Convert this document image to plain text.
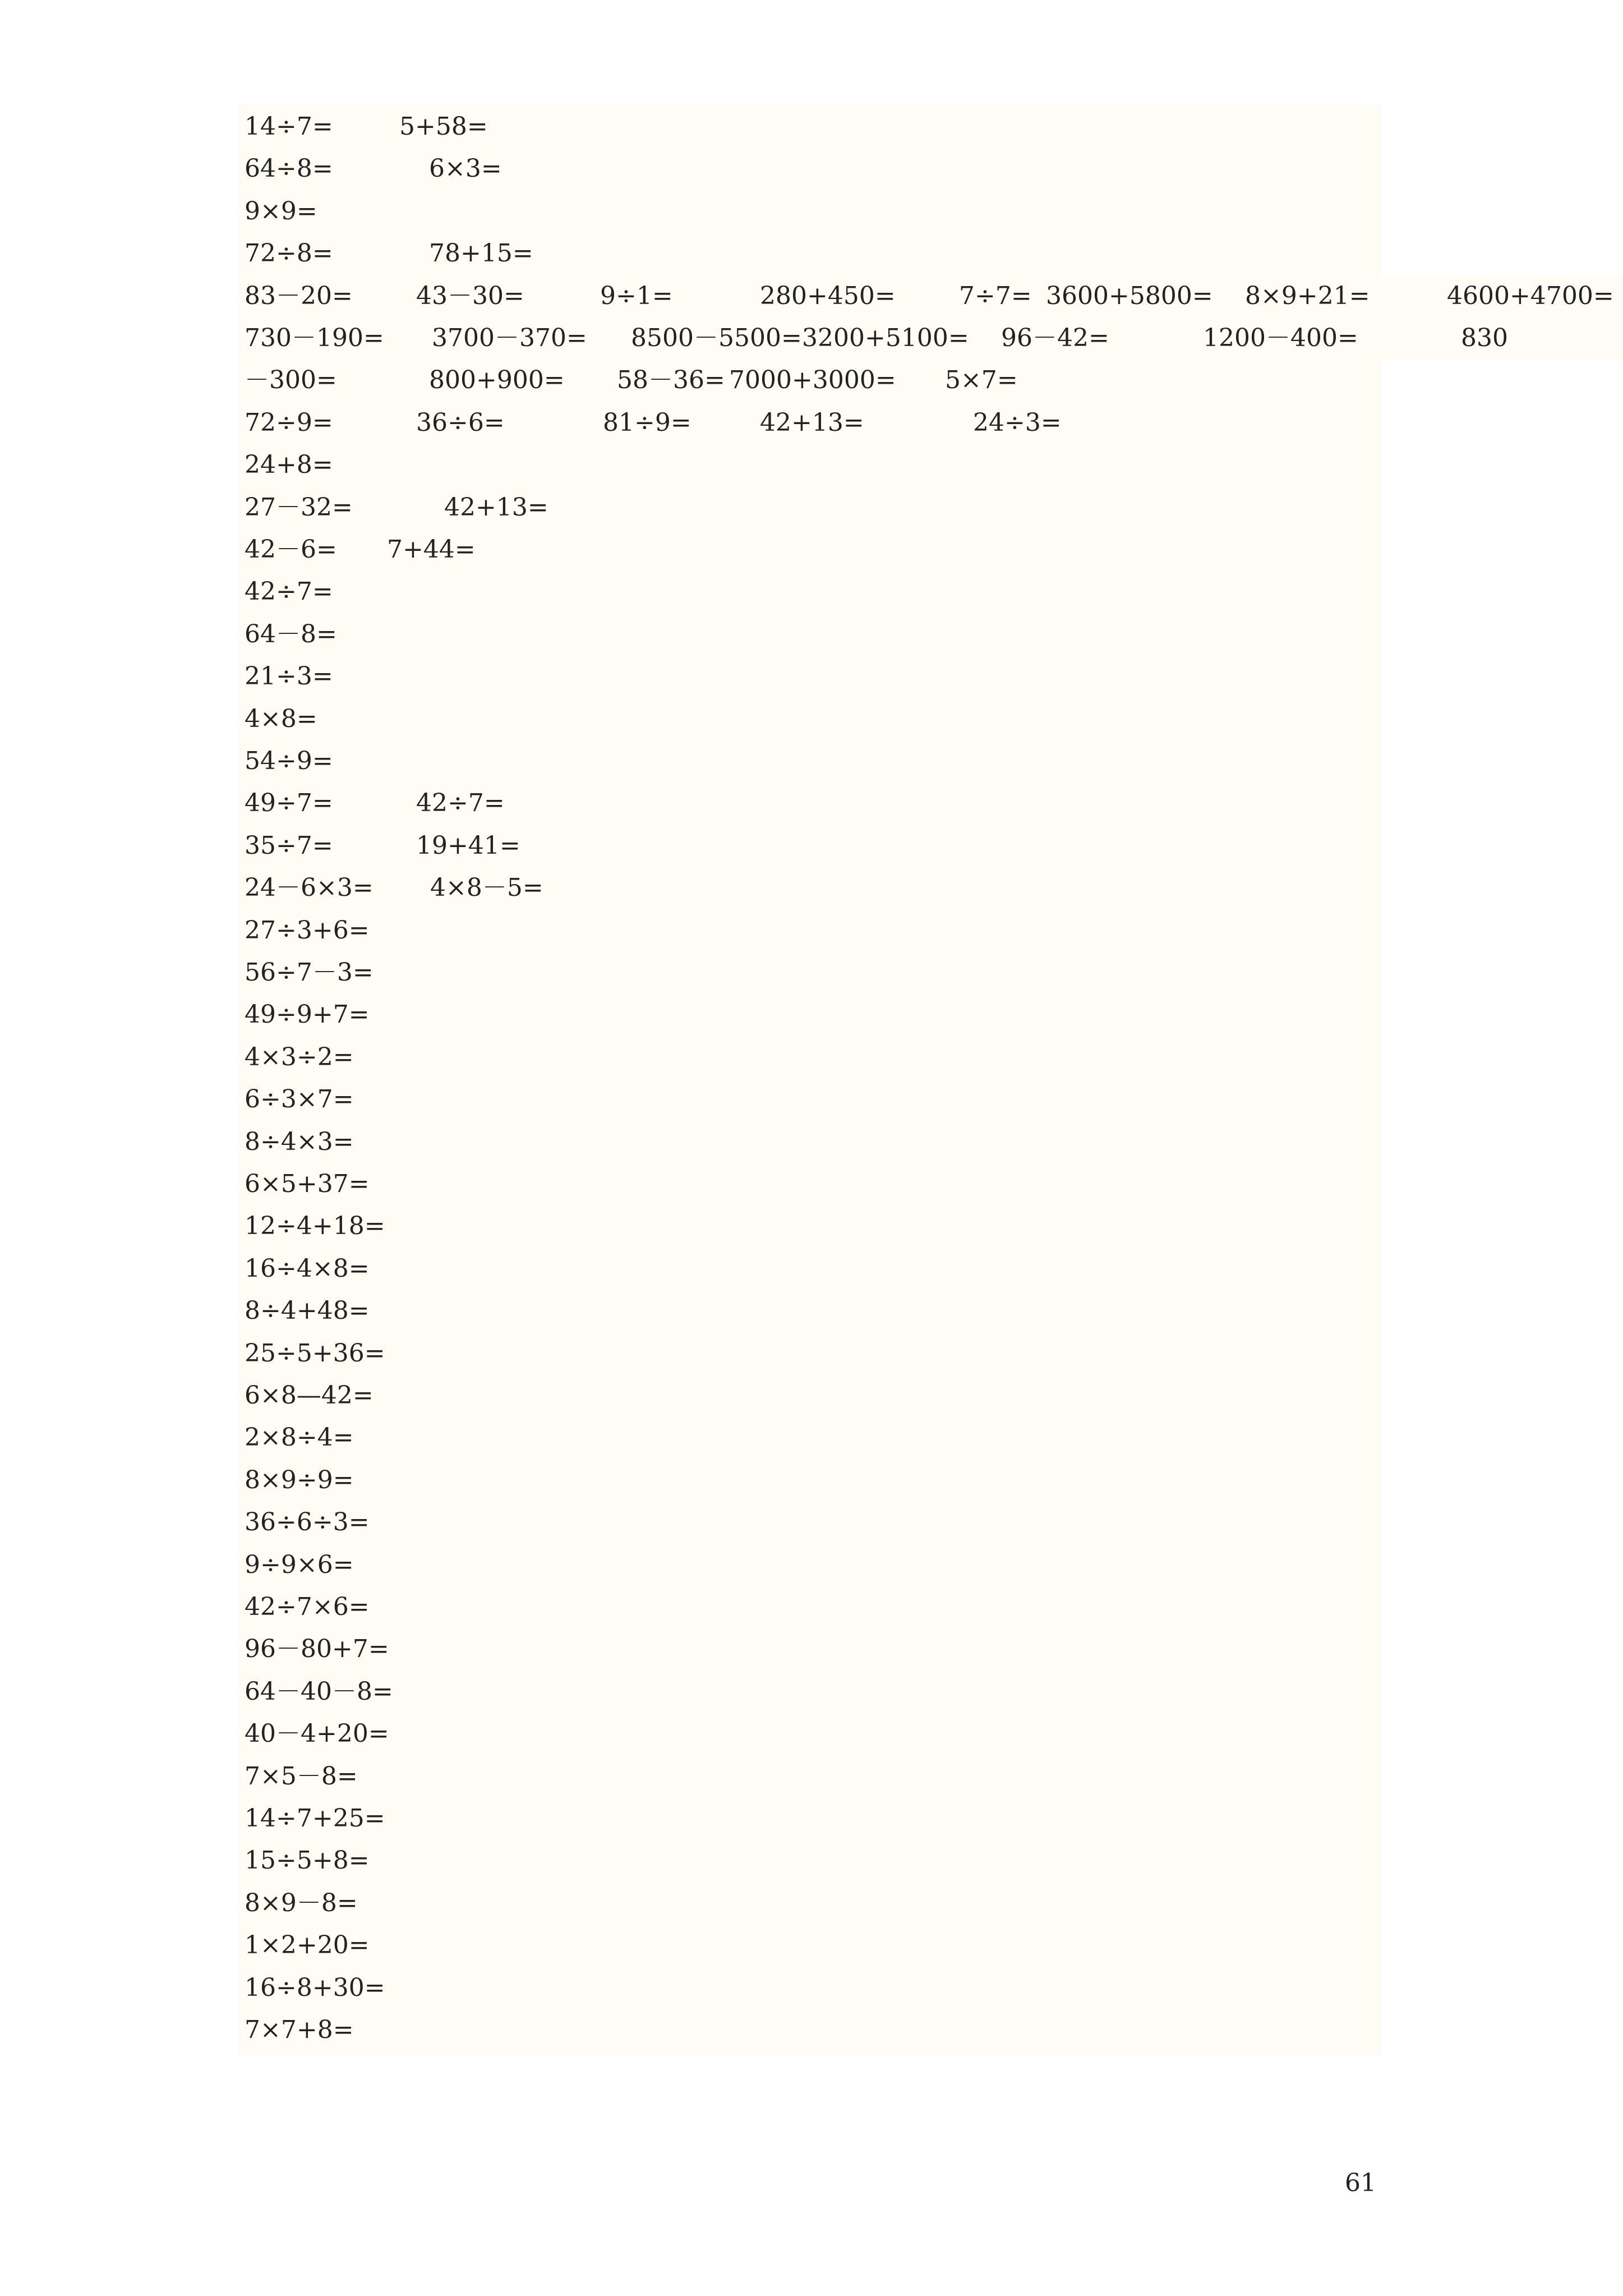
14÷7=	5+58=
64÷8=	6×3=
9×9=
72÷8=	78+15=
83－20=	43－30=	9÷1=	280+450=	7÷7= 3600+5800= 8×9+21=	4600+4700=
730－190= 3700－370= 8500－5500= 3200+5100= 96－42=	1200－400=	830
－300=	800+900= 58－36= 7000+3000= 5×7=
72÷9=	36÷6=	81÷9=	42+13=	24÷3=
24+8=
27－32=	42+13=
42－6= 7+44=
42÷7=
64－8=
21÷3=
4×8=
54÷9=
49÷7=	42÷7=
35÷7=	19+41=
24－6×3= 4×8－5=
27÷3+6=
56÷7－3=
49÷9+7=
4×3÷2=
6÷3×7=
8÷4×3=
6×5+37=
12÷4+18=
16÷4×8=
8÷4+48=
25÷5+36=
6×8—42=
2×8÷4=
8×9÷9=
36÷6÷3=
9÷9×6=
42÷7×6=
96－80+7=
64－40－8=
40－4+20=
7×5－8=
14÷7+25=
15÷5+8=
8×9－8=
1×2+20=
16÷8+30=
7×7+8=
61
